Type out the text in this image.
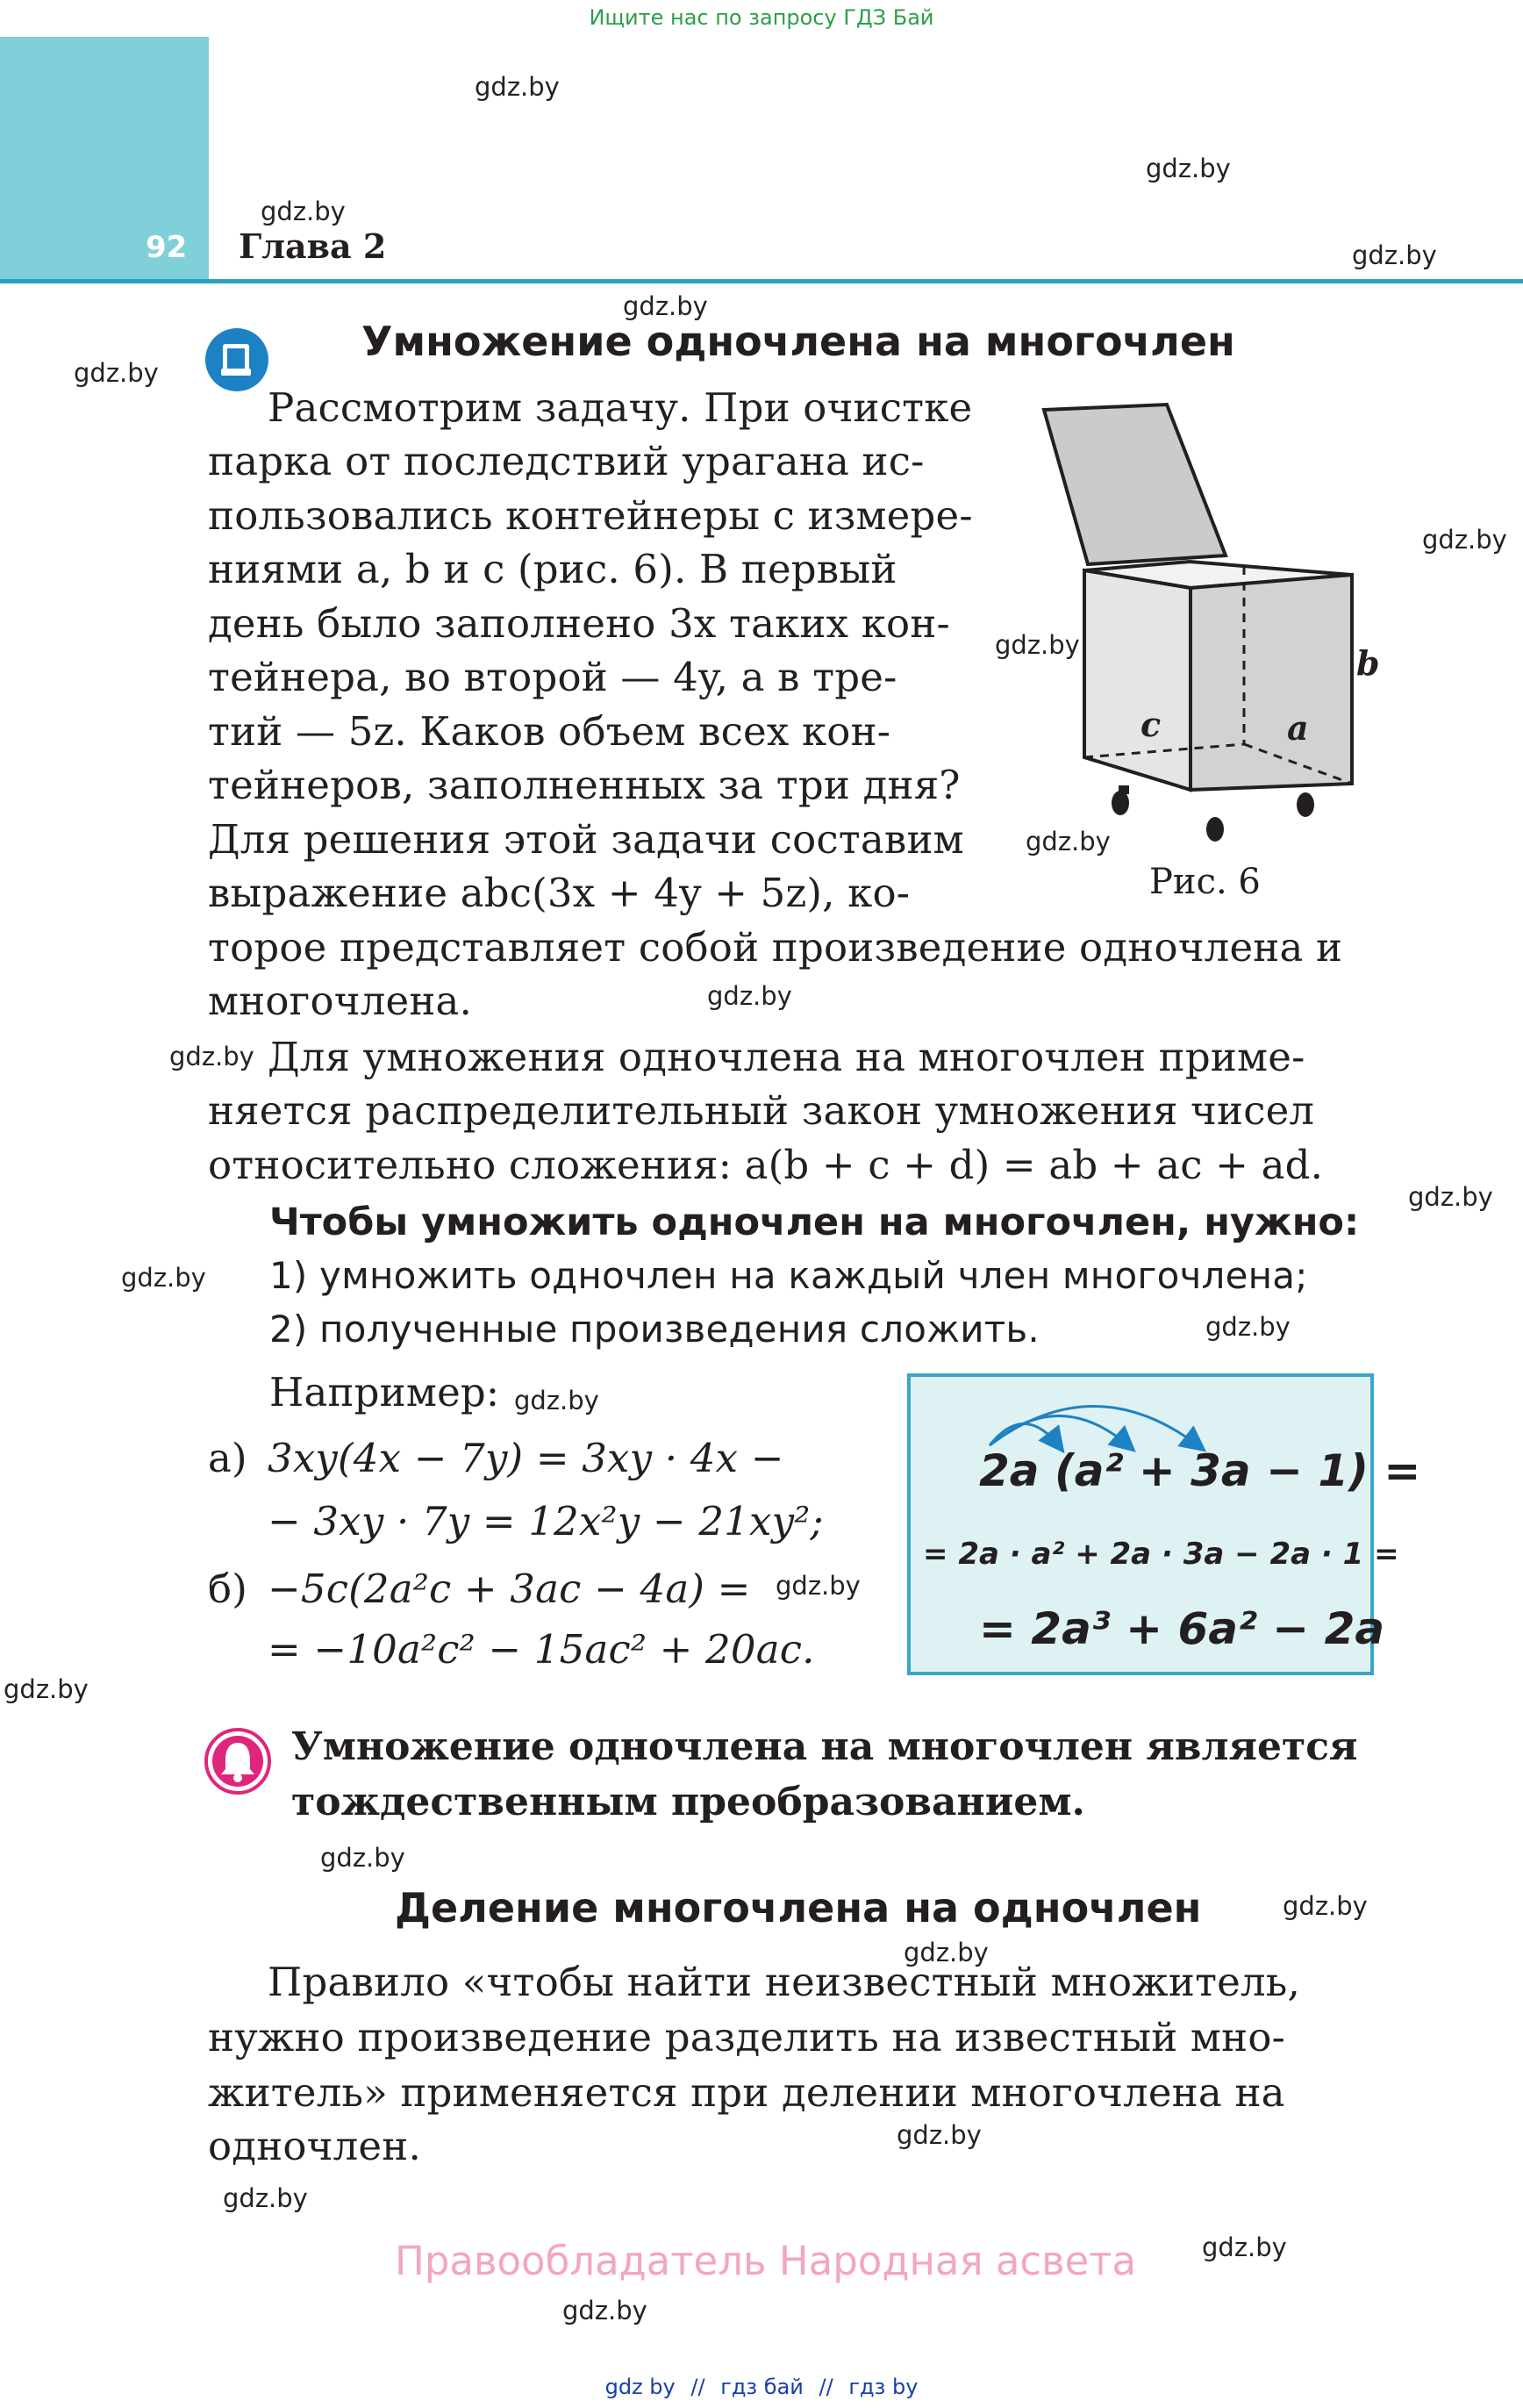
Ищите нас по запросу ГДЗ Бай
92 Глава 2
gdz.by
gdz.by
gdz.by
gdz.by
gdz.by
gdz.by
gdz.by
gdz.by
gdz.by
gdz.by
gdz.by
gdz.by
gdz.by
gdz.by
gdz.by
gdz.by
gdz.by
gdz.by
gdz.by
gdz.by
gdz.by
gdz.by
gdz.by
gdz.by
Умножение одночлена на многочлен
Рассмотрим задачу. При очистке
парка от последствий урагана ис-
пользовались контейнеры с измере-
ниями a, b и c (рис. 6). В первый
день было заполнено 3x таких кон-
тейнера, во второй — 4y, а в тре-
тий — 5z. Каков объем всех кон-
тейнеров, заполненных за три дня?
Для решения этой задачи составим
выражение abc(3x + 4y + 5z), ко-
торое представляет собой произведение одночлена и
многочлена.
b
c	a
Рис. 6
Для умножения одночлена на многочлен приме-
няется распределительный закон умножения чисел
относительно сложения: a(b + c + d) = ab + ac + ad.
Чтобы умножить одночлен на многочлен, нужно:
1) умножить одночлен на каждый член многочлена;
2) полученные произведения сложить.
Например:
а) 3xy(4x − 7y) = 3xy · 4x −
− 3xy · 7y = 12x²y − 21xy²;
б) −5c(2a²c + 3ac − 4a) =
= −10a²c² − 15ac² + 20ac.
2a (a² + 3a − 1) =
= 2a · a² + 2a · 3a − 2a · 1 =
= 2a³ + 6a² − 2a
Умножение одночлена на многочлен является
тождественным преобразованием.
Деление многочлена на одночлен
Правило «чтобы найти неизвестный множитель,
нужно произведение разделить на известный мно-
житель» применяется при делении многочлена на
одночлен.
Правообладатель Народная асвета
gdz by // гдз бай // гдз by
